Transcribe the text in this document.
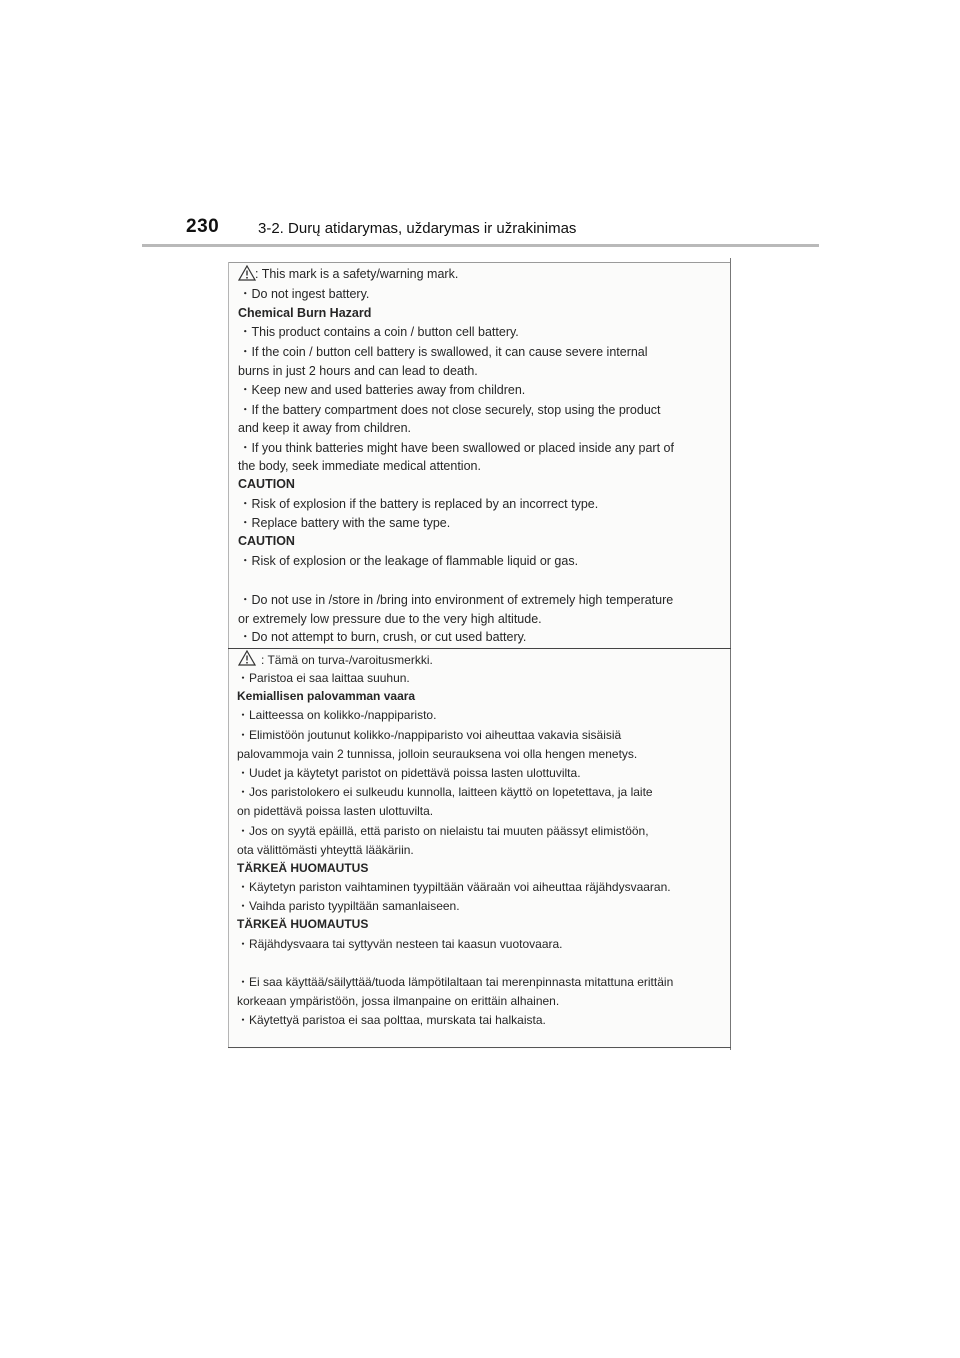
230	3-2. Durų atidarymas, uždarymas ir užrakinimas
: This mark is a safety/warning mark.
・Do not ingest battery.
Chemical Burn Hazard
・This product contains a coin / button cell battery.
・If the coin / button cell battery is swallowed, it can cause severe internal
burns in just 2 hours and can lead to death.
・Keep new and used batteries away from children.
・If the battery compartment does not close securely, stop using the product
and keep it away from children.
・If you think batteries might have been swallowed or placed inside any part of
the body, seek immediate medical attention.
CAUTION
・Risk of explosion if the battery is replaced by an incorrect type.
・Replace battery with the same type.
CAUTION
・Risk of explosion or the leakage of flammable liquid or gas.
・Do not use in /store in /bring into environment of extremely high temperature
or extremely low pressure due to the very high altitude.
・Do not attempt to burn, crush, or cut used battery.
: Tämä on turva-/varoitusmerkki.
・Paristoa ei saa laittaa suuhun.
Kemiallisen palovamman vaara
・Laitteessa on kolikko-/nappiparisto.
・Elimistöön joutunut kolikko-/nappiparisto voi aiheuttaa vakavia sisäisiä
palovammoja vain 2 tunnissa, jolloin seurauksena voi olla hengen menetys.
・Uudet ja käytetyt paristot on pidettävä poissa lasten ulottuvilta.
・Jos paristolokero ei sulkeudu kunnolla, laitteen käyttö on lopetettava, ja laite
on pidettävä poissa lasten ulottuvilta.
・Jos on syytä epäillä, että paristo on nielaistu tai muuten päässyt elimistöön,
ota välittömästi yhteyttä lääkäriin.
TÄRKEÄ HUOMAUTUS
・Käytetyn pariston vaihtaminen tyypiltään vääraän voi aiheuttaa räjähdysvaaran.
・Vaihda paristo tyypiltään samanlaiseen.
TÄRKEÄ HUOMAUTUS
・Räjähdysvaara tai syttyvän nesteen tai kaasun vuotovaara.
・Ei saa käyttää/säilyttää/tuoda lämpötilaltaan tai merenpinnasta mitattuna erittäin
korkeaan ympäristöön, jossa ilmanpaine on erittäin alhainen.
・Käytettyä paristoa ei saa polttaa, murskata tai halkaista.
